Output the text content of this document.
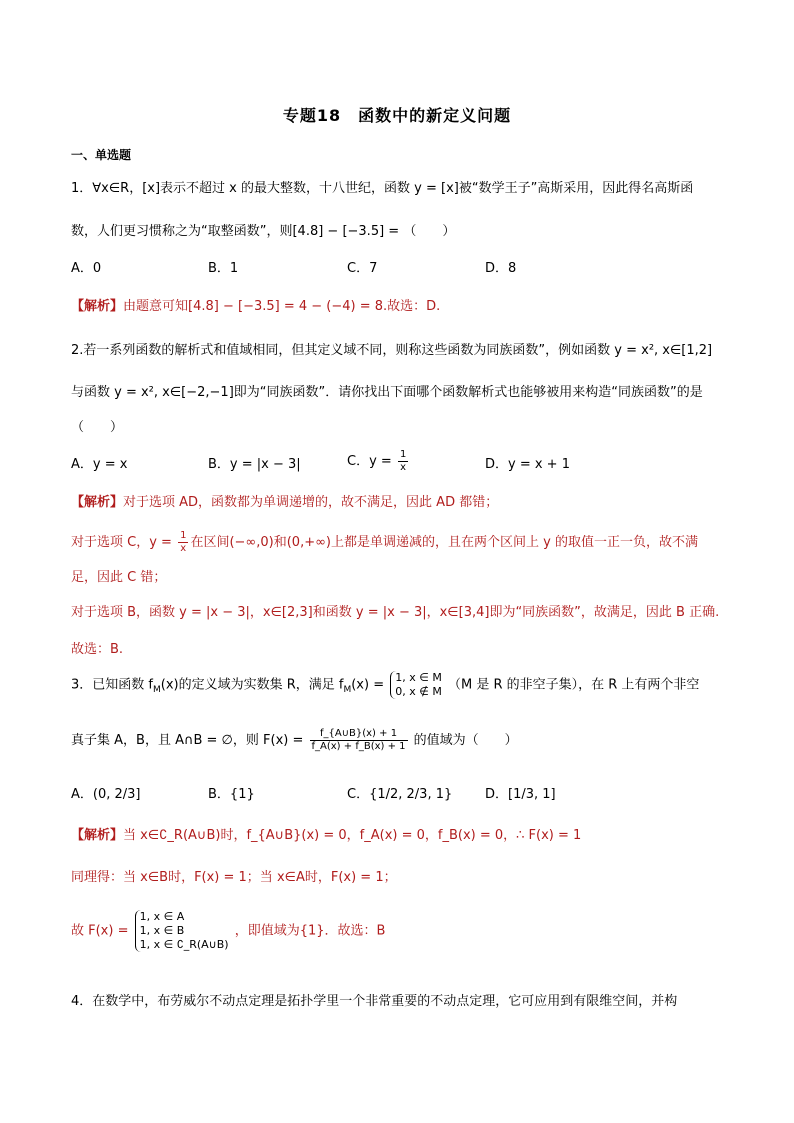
专题18　函数中的新定义问题
一、单选题
1．∀x∈R，[x]表示不超过 x 的最大整数，十八世纪，函数 y = [x]被“数学王子”高斯采用，因此得名高斯函
数，人们更习惯称之为“取整函数”，则[4.8] − [−3.5] = （　　）
A．0	B．1	C．7	D．8
【解析】由题意可知[4.8] − [−3.5] = 4 − (−4) = 8.故选：D.
2.若一系列函数的解析式和值域相同，但其定义域不同，则称这些函数为同族函数”，例如函数 y = x², x∈[1,2]
与函数 y = x², x∈[−2,−1]即为“同族函数”．请你找出下面哪个函数解析式也能够被用来构造“同族函数”的是
（　　）
A．y = x	B．y = |x − 3|	C．$y = \frac{1}{x}$	D．y = x + 1
【解析】对于选项 AD，函数都为单调递增的，故不满足，因此 AD 都错；
对于选项 C，$y = \frac{1}{x}$ 在区间(−∞,0)和(0,+∞)上都是单调递减的，且在两个区间上 y 的取值一正一负，故不满
足，因此 C 错；
对于选项 B，函数 y = |x − 3|，x∈[2,3]和函数 y = |x − 3|，x∈[3,4]即为“同族函数”，故满足，因此 B 正确.
故选：B.
3．已知函数 $f_M(x)$的定义域为实数集 R，满足 $f_M(x) = 1$, x ∈ M
0, x ∉ M （M 是 R 的非空子集），在 R 上有两个非空
真子集 A，B，且 A∩B = ∅，则 $F(x) = \frac{f\_\{A\cup B\}(x) + 1}{f\_A(x) + f\_B(x) + 1}$ 的值域为（　　）
A．(0, 2/3]	B．{1}	C．{1/2, 2/3, 1}	D．[1/3, 1]
【解析】当 x∈∁_R(A∪B)时，f_{A∪B}(x) = 0，f_A(x) = 0，f_B(x) = 0，∴ F(x) = 1
同理得：当 x∈B时，F(x) = 1；当 x∈A时，F(x) = 1；
故 F(x) =
1, x ∈ A
1, x ∈ B
1, x ∈ ∁_R(A∪B)
，即值域为{1}．故选：B
4．在数学中，布劳威尔不动点定理是拓扑学里一个非常重要的不动点定理，它可应用到有限维空间，并构
